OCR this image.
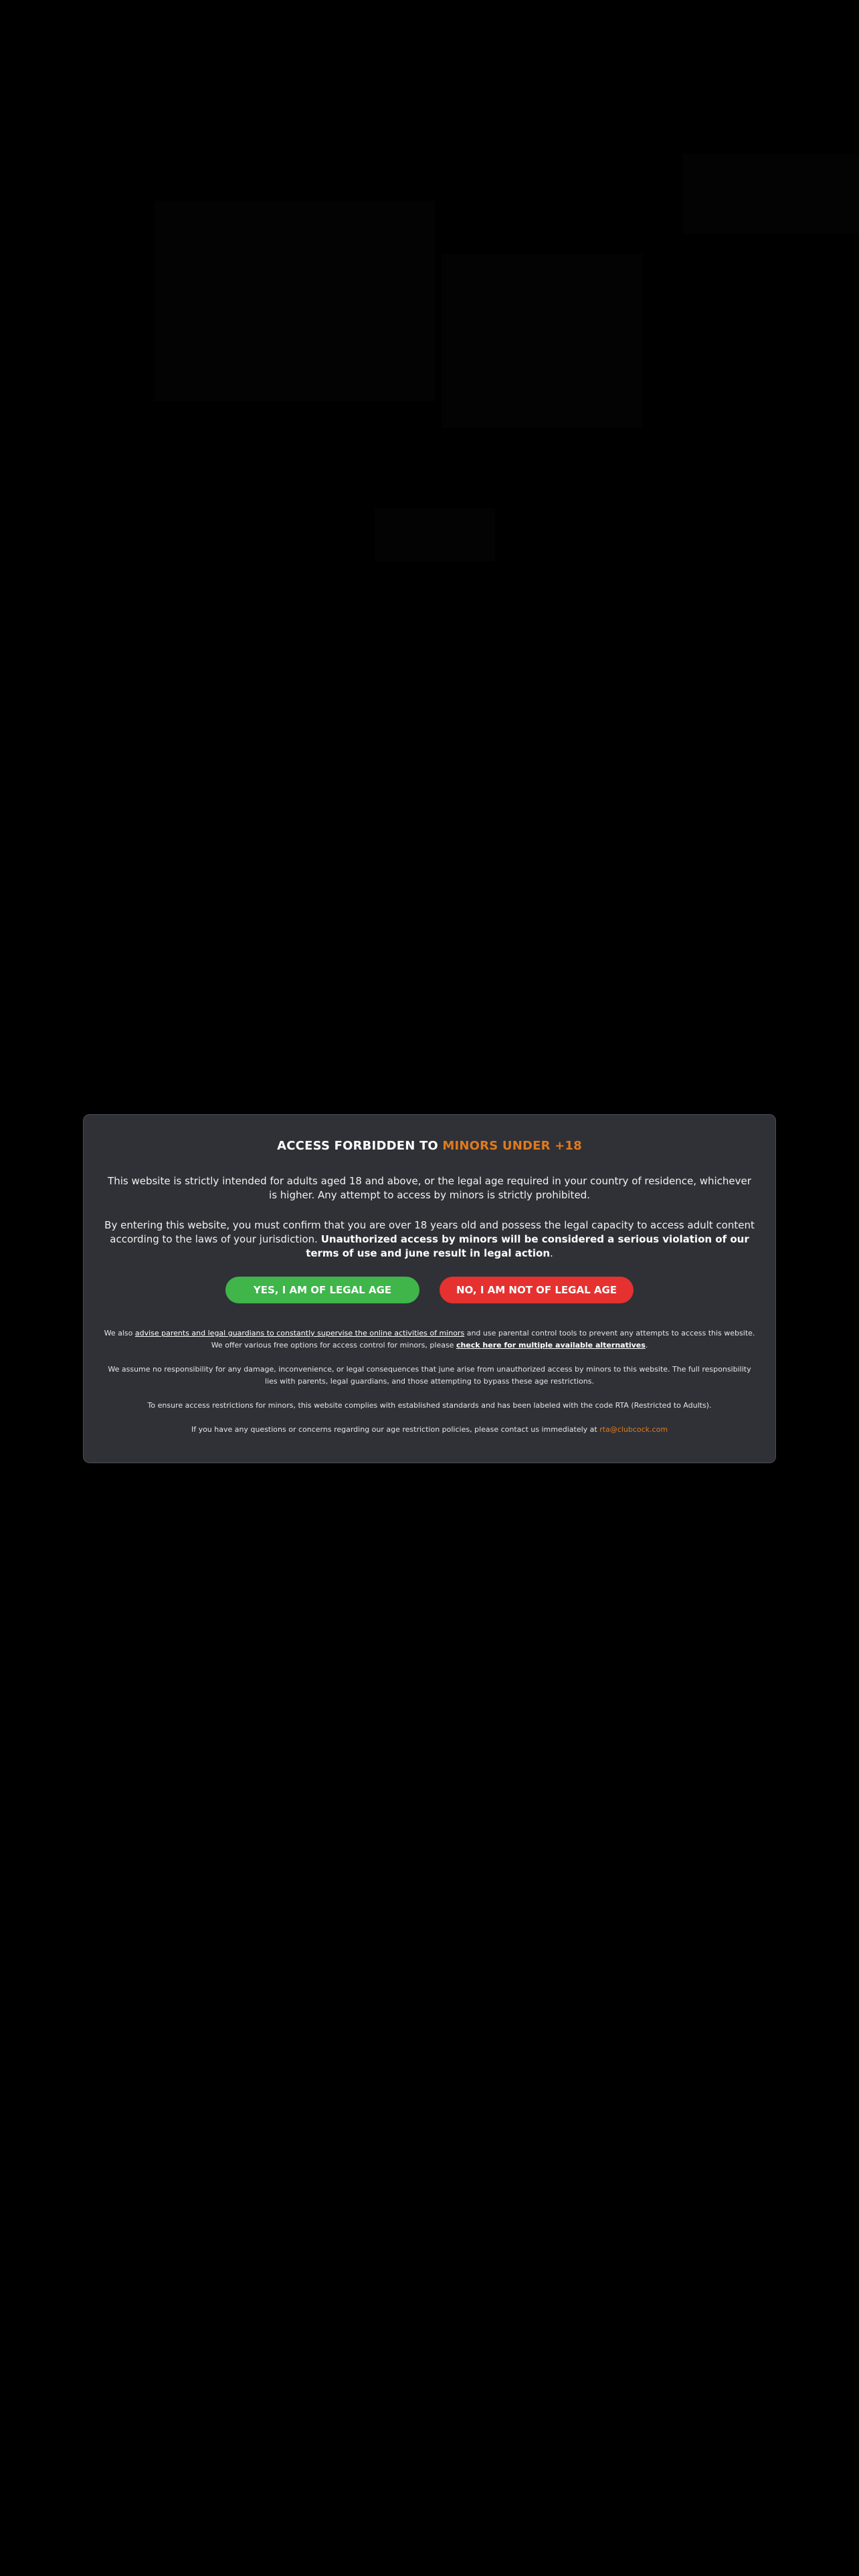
ACCESS FORBIDDEN TO MINORS UNDER +18

This website is strictly intended for adults aged 18 and above, or the legal age required in your country of residence, whichever is higher. Any attempt to access by minors is strictly prohibited.

By entering this website, you must confirm that you are over 18 years old and possess the legal capacity to access adult content according to the laws of your jurisdiction. Unauthorized access by minors will be considered a serious violation of our terms of use and june result in legal action.

YES, I AM OF LEGAL AGE	NO, I AM NOT OF LEGAL AGE

We also advise parents and legal guardians to constantly supervise the online activities of minors and use parental control tools to prevent any attempts to access this website. We offer various free options for access control for minors, please check here for multiple available alternatives.

We assume no responsibility for any damage, inconvenience, or legal consequences that june arise from unauthorized access by minors to this website. The full responsibility lies with parents, legal guardians, and those attempting to bypass these age restrictions.

To ensure access restrictions for minors, this website complies with established standards and has been labeled with the code RTA (Restricted to Adults).

If you have any questions or concerns regarding our age restriction policies, please contact us immediately at rta@clubcock.com
